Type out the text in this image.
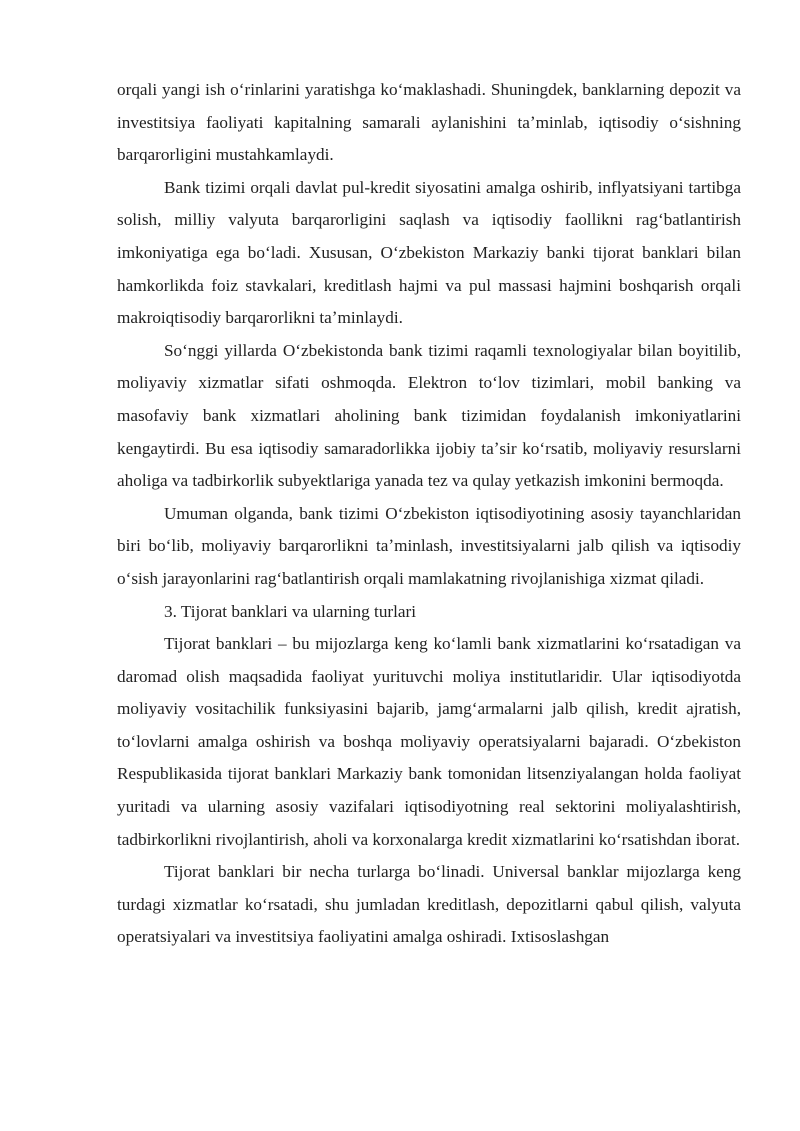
orqali yangi ish oʻrinlarini yaratishga koʻmaklashadi. Shuningdek, banklarning depozit va investitsiya faoliyati kapitalning samarali aylanishini taʼminlab, iqtisodiy oʻsishning barqarorligini mustahkamlaydi.

Bank tizimi orqali davlat pul-kredit siyosatini amalga oshirib, inflyatsiyani tartibga solish, milliy valyuta barqarorligini saqlash va iqtisodiy faollikni ragʻbatlantirish imkoniyatiga ega boʻladi. Xususan, Oʻzbekiston Markaziy banki tijorat banklari bilan hamkorlikda foiz stavkalari, kreditlash hajmi va pul massasi hajmini boshqarish orqali makroiqtisodiy barqarorlikni taʼminlaydi.

Soʻnggi yillarda Oʻzbekistonda bank tizimi raqamli texnologiyalar bilan boyitilib, moliyaviy xizmatlar sifati oshmoqda. Elektron toʻlov tizimlari, mobil banking va masofaviy bank xizmatlari aholining bank tizimidan foydalanish imkoniyatlarini kengaytirdi. Bu esa iqtisodiy samaradorlikka ijobiy taʼsir koʻrsatib, moliyaviy resurslarni aholiga va tadbirkorlik subyektlariga yanada tez va qulay yetkazish imkonini bermoqda.

Umuman olganda, bank tizimi Oʻzbekiston iqtisodiyotining asosiy tayanchlaridan biri boʻlib, moliyaviy barqarorlikni taʼminlash, investitsiyalarni jalb qilish va iqtisodiy oʻsish jarayonlarini ragʻbatlantirish orqali mamlakatning rivojlanishiga xizmat qiladi.

3. Tijorat banklari va ularning turlari

Tijorat banklari – bu mijozlarga keng koʻlamli bank xizmatlarini koʻrsatadigan va daromad olish maqsadida faoliyat yurituvchi moliya institutlaridir. Ular iqtisodiyotda moliyaviy vositachilik funksiyasini bajarib, jamgʻarmalarni jalb qilish, kredit ajratish, toʻlovlarni amalga oshirish va boshqa moliyaviy operatsiyalarni bajaradi. Oʻzbekiston Respublikasida tijorat banklari Markaziy bank tomonidan litsenziyalangan holda faoliyat yuritadi va ularning asosiy vazifalari iqtisodiyotning real sektorini moliyalashtirish, tadbirkorlikni rivojlantirish, aholi va korxonalarga kredit xizmatlarini koʻrsatishdan iborat.

Tijorat banklari bir necha turlarga boʻlinadi. Universal banklar mijozlarga keng turdagi xizmatlar koʻrsatadi, shu jumladan kreditlash, depozitlarni qabul qilish, valyuta operatsiyalari va investitsiya faoliyatini amalga oshiradi. Ixtisoslashgan
